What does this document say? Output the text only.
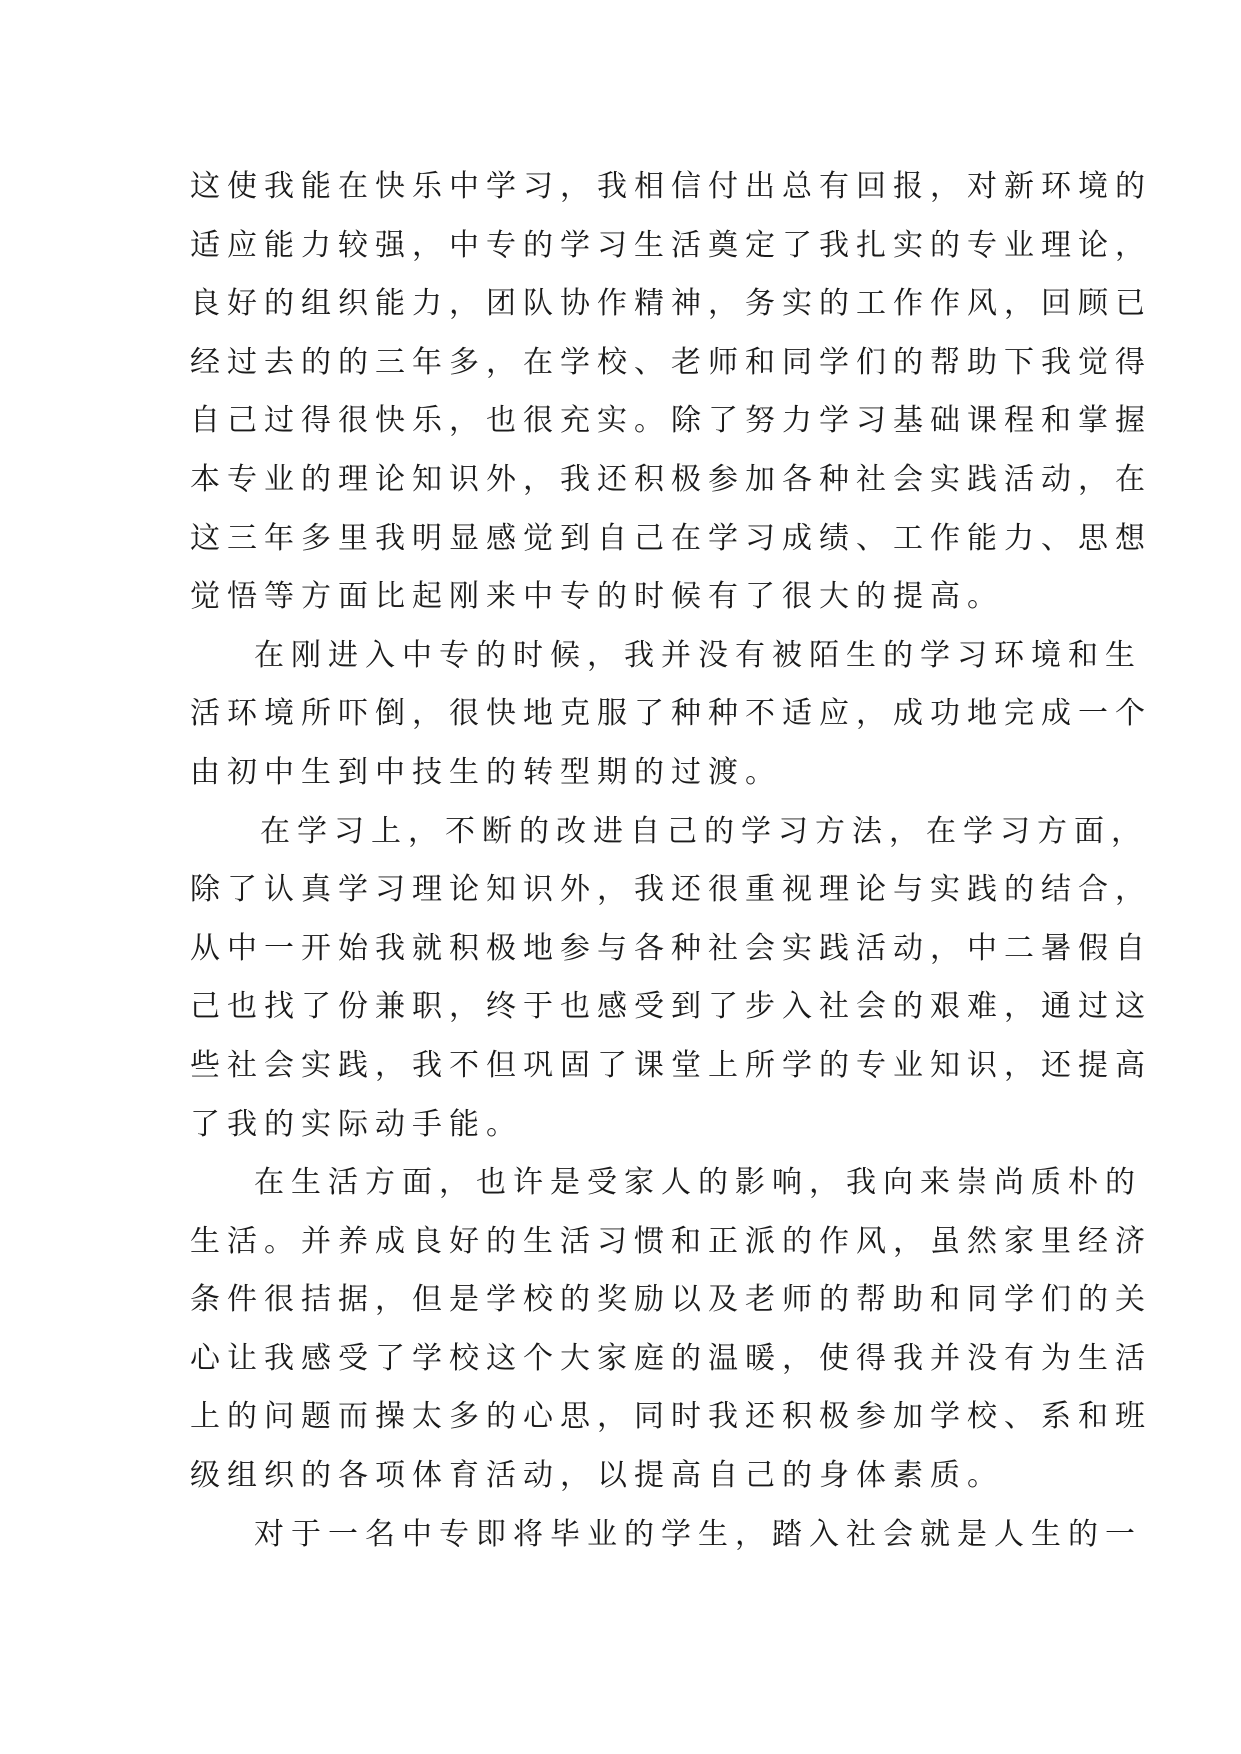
这使我能在快乐中学习，我相信付出总有回报，对新环境的
适应能力较强，中专的学习生活奠定了我扎实的专业理论，
良好的组织能力，团队协作精神，务实的工作作风，回顾已
经过去的的三年多，在学校、老师和同学们的帮助下我觉得
自己过得很快乐，也很充实。除了努力学习基础课程和掌握
本专业的理论知识外，我还积极参加各种社会实践活动，在
这三年多里我明显感觉到自己在学习成绩、工作能力、思想
觉悟等方面比起刚来中专的时候有了很大的提高。
在刚进入中专的时候，我并没有被陌生的学习环境和生
活环境所吓倒，很快地克服了种种不适应，成功地完成一个
由初中生到中技生的转型期的过渡。
在学习上，不断的改进自己的学习方法，在学习方面，
除了认真学习理论知识外，我还很重视理论与实践的结合，
从中一开始我就积极地参与各种社会实践活动，中二暑假自
己也找了份兼职，终于也感受到了步入社会的艰难，通过这
些社会实践，我不但巩固了课堂上所学的专业知识，还提高
了我的实际动手能。
在生活方面，也许是受家人的影响，我向来崇尚质朴的
生活。并养成良好的生活习惯和正派的作风，虽然家里经济
条件很拮据，但是学校的奖励以及老师的帮助和同学们的关
心让我感受了学校这个大家庭的温暖，使得我并没有为生活
上的问题而操太多的心思，同时我还积极参加学校、系和班
级组织的各项体育活动，以提高自己的身体素质。
对于一名中专即将毕业的学生，踏入社会就是人生的一
